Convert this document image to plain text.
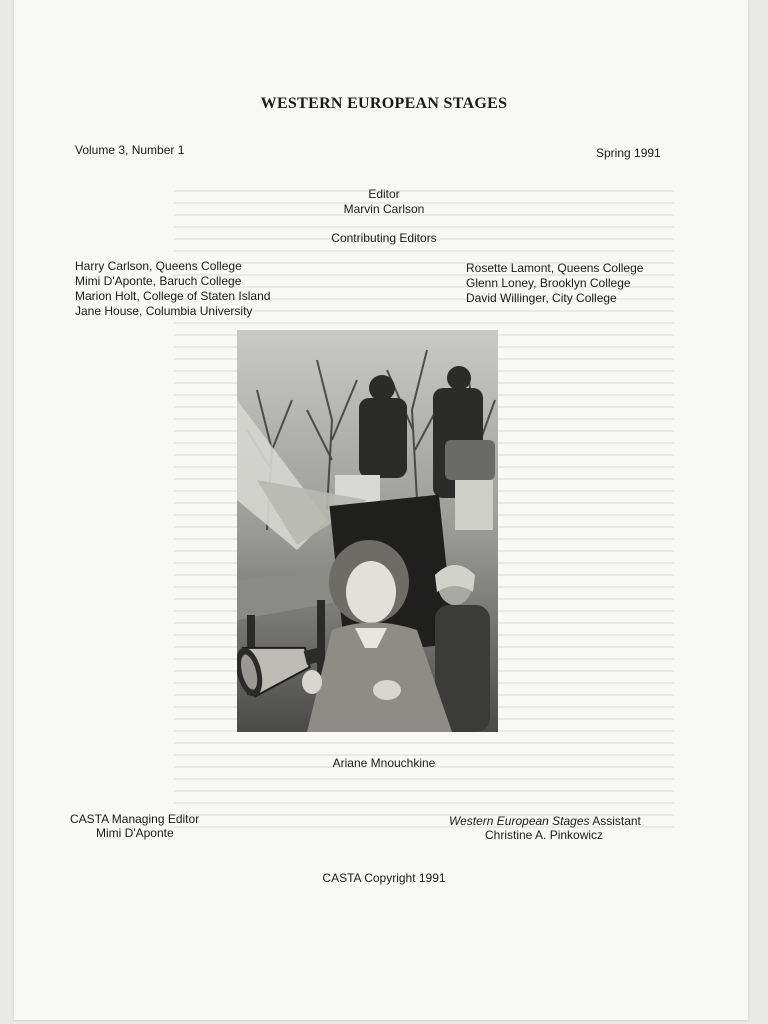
WESTERN EUROPEAN STAGES
Volume 3, Number 1	Spring 1991
Editor
Marvin Carlson
Contributing Editors
Harry Carlson, Queens College
Mimi D'Aponte, Baruch College
Marion Holt, College of Staten Island
Jane House, Columbia University
Rosette Lamont, Queens College
Glenn Loney, Brooklyn College
David Willinger, City College
Ariane Mnouchkine
CASTA Managing Editor
Mimi D'Aponte
Western European Stages Assistant
Christine A. Pinkowicz
CASTA Copyright 1991
